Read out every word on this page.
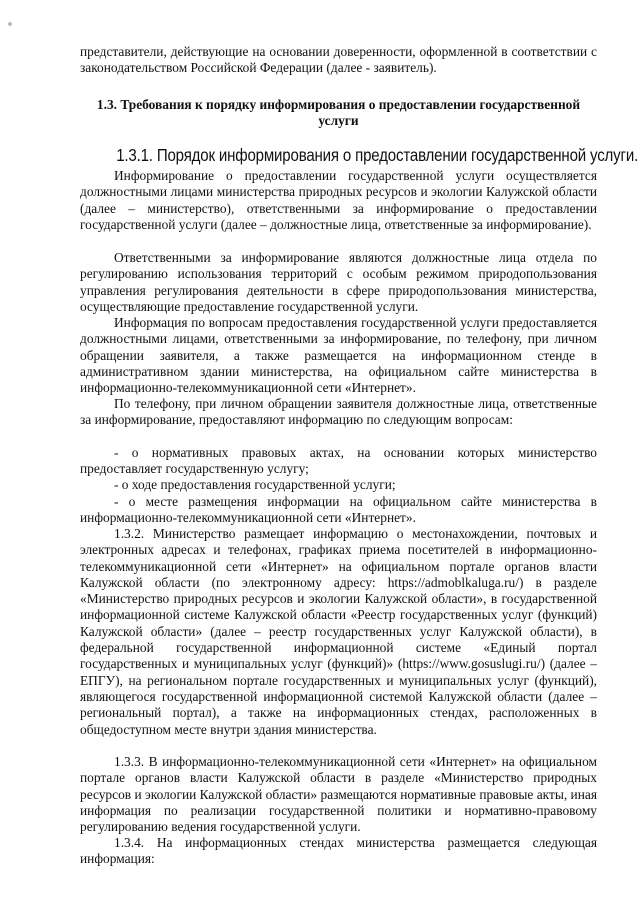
представители, действующие на основании доверенности, оформленной в соответствии с законодательством Российской Федерации (далее - заявитель).

1.3. Требования к порядку информирования о предоставлении государственной услуги

1.3.1. Порядок информирования о предоставлении государственной услуги.

Информирование о предоставлении государственной услуги осуществляется должностными лицами министерства природных ресурсов и экологии Калужской области (далее – министерство), ответственными за информирование о предоставлении государственной услуги (далее – должностные лица, ответственные за информирование).

Ответственными за информирование являются должностные лица отдела по регулированию использования территорий с особым режимом природопользования управления регулирования деятельности в сфере природопользования министерства, осуществляющие предоставление государственной услуги.

Информация по вопросам предоставления государственной услуги предоставляется должностными лицами, ответственными за информирование, по телефону, при личном обращении заявителя, а также размещается на информационном стенде в административном здании министерства, на официальном сайте министерства в информационно-телекоммуникационной сети «Интернет».

По телефону, при личном обращении заявителя должностные лица, ответственные за информирование, предоставляют информацию по следующим вопросам:

- о нормативных правовых актах, на основании которых министерство предоставляет государственную услугу;

- о ходе предоставления государственной услуги;

- о месте размещения информации на официальном сайте министерства в информационно-телекоммуникационной сети «Интернет».

1.3.2. Министерство размещает информацию о местонахождении, почтовых и электронных адресах и телефонах, графиках приема посетителей в информационно-телекоммуникационной сети «Интернет» на официальном портале органов власти Калужской области (по электронному адресу: https://admoblkaluga.ru/) в разделе «Министерство природных ресурсов и экологии Калужской области», в государственной информационной системе Калужской области «Реестр государственных услуг (функций) Калужской области» (далее – реестр государственных услуг Калужской области), в федеральной государственной информационной системе «Единый портал государственных и муниципальных услуг (функций)» (https://www.gosuslugi.ru/) (далее – ЕПГУ), на региональном портале государственных и муниципальных услуг (функций), являющегося государственной информационной системой Калужской области (далее – региональный портал), а также на информационных стендах, расположенных в общедоступном месте внутри здания министерства.

1.3.3. В информационно-телекоммуникационной сети «Интернет» на официальном портале органов власти Калужской области в разделе «Министерство природных ресурсов и экологии Калужской области» размещаются нормативные правовые акты, иная информация по реализации государственной политики и нормативно-правовому регулированию ведения государственной услуги.

1.3.4. На информационных стендах министерства размещается следующая информация:
